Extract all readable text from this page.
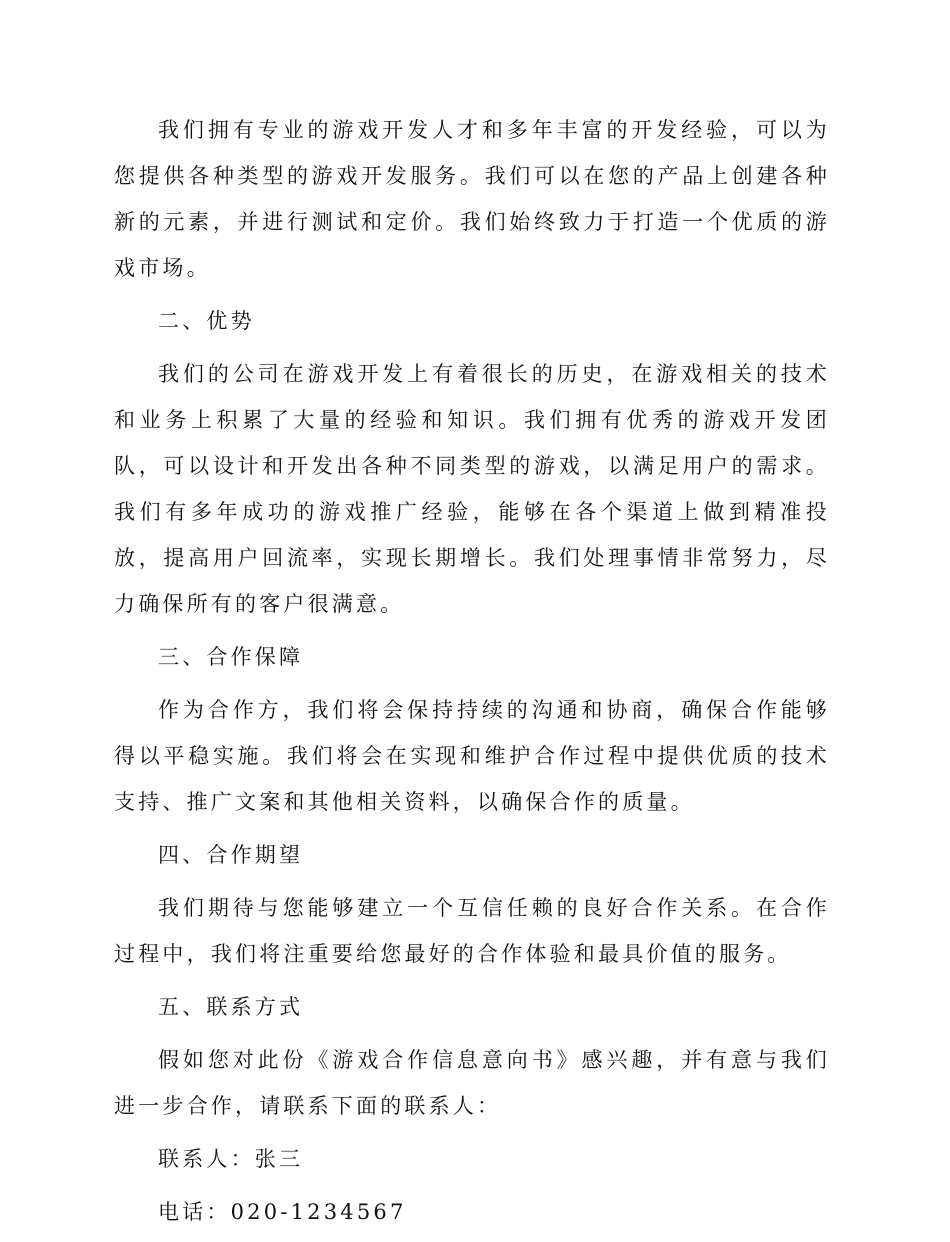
我们拥有专业的游戏开发人才和多年丰富的开发经验，可以为您提供各种类型的游戏开发服务。我们可以在您的产品上创建各种新的元素，并进行测试和定价。我们始终致力于打造一个优质的游戏市场。

二、优势

我们的公司在游戏开发上有着很长的历史，在游戏相关的技术和业务上积累了大量的经验和知识。我们拥有优秀的游戏开发团队，可以设计和开发出各种不同类型的游戏，以满足用户的需求。我们有多年成功的游戏推广经验，能够在各个渠道上做到精准投放，提高用户回流率，实现长期增长。我们处理事情非常努力，尽力确保所有的客户很满意。

三、合作保障

作为合作方，我们将会保持持续的沟通和协商，确保合作能够得以平稳实施。我们将会在实现和维护合作过程中提供优质的技术支持、推广文案和其他相关资料，以确保合作的质量。

四、合作期望

我们期待与您能够建立一个互信任赖的良好合作关系。在合作过程中，我们将注重要给您最好的合作体验和最具价值的服务。

五、联系方式

假如您对此份《游戏合作信息意向书》感兴趣，并有意与我们进一步合作，请联系下面的联系人：

联系人：张三

电话：020-1234567
